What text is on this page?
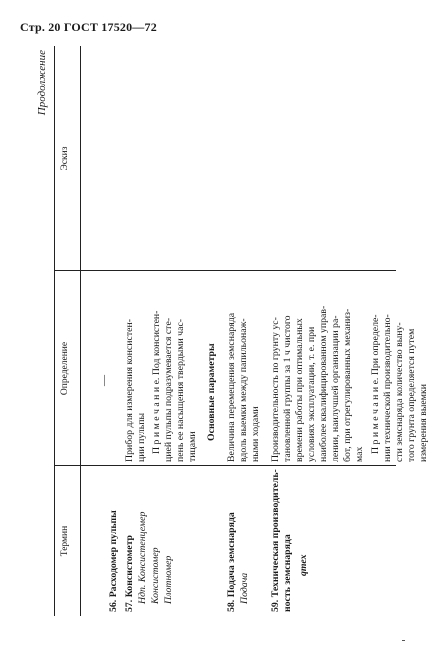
Стр. 20 ГОСТ 17520—72
Продолжение
Термин
Определение
Эскиз
56. Расходомер пульпы
—
57. Консистометр Ндп. Консистенцемер Консистомер Плотномер
Прибор для измерения консистен- ции пульпы П р и м е ч а н и е. Под консистен- цией пульпы подразумевается сте- пень ее насыщения твердыми час- тицами
Основные параметры
58. Подача земснаряда Подача
Величина перемещения земснаряда вдоль выемки между папильонаж- ными ходами
59. Техническая производитель- ность земснаряда qтех
Производительность по грунту ус- тановленной группы за 1 ч чистого времени работы при оптимальных условиях эксплуатации, т. е. при наиболее квалифицированном управ- лении, наилучшей организации ра- бот, при отрегулированных механиз- мах
П р и м е ч а н и е. При определе- нии технической производительно- сти земснаряда количество выну- того грунта определяется путем измерения выемки
